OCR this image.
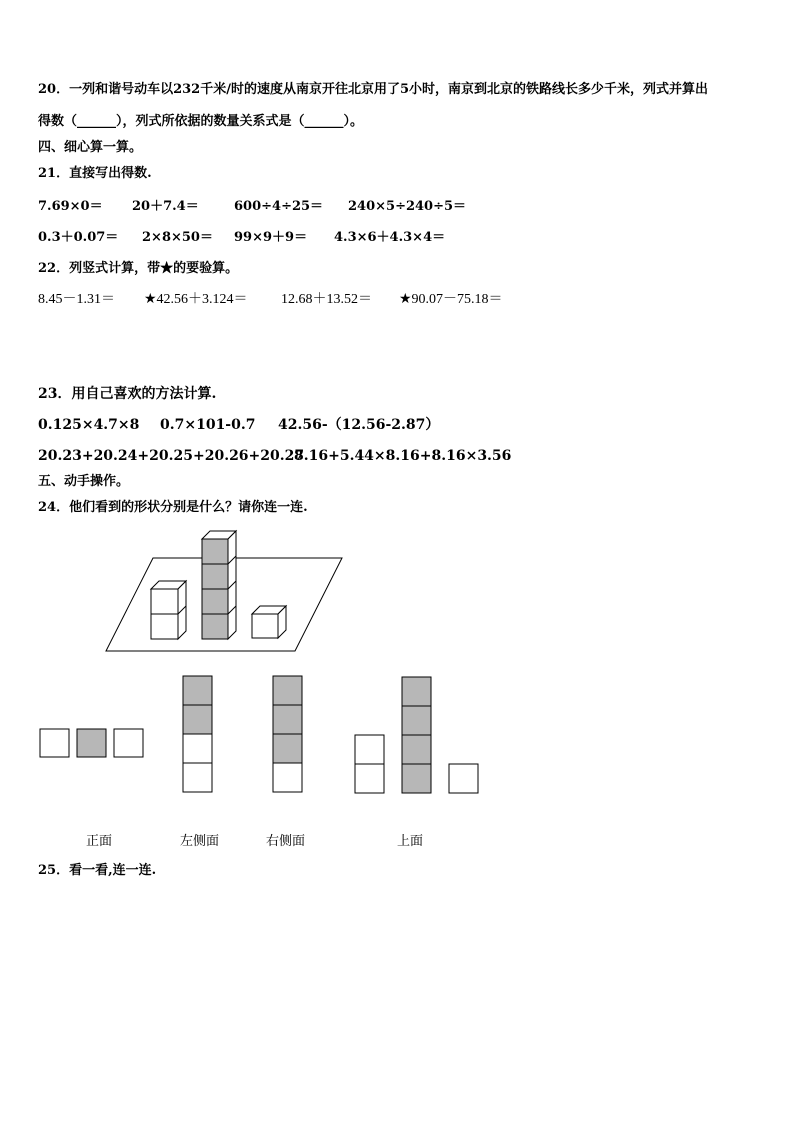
20．一列和谐号动车以232千米/时的速度从南京开往北京用了5小时，南京到北京的铁路线长多少千米，列式并算出
得数（______），列式所依据的数量关系式是（______）。
四、细心算一算。
21．直接写出得数.
7.69×0＝ 20＋7.4＝	600÷4÷25＝ 240×5÷240÷5＝
0.3＋0.07＝ 2×8×50＝ 99×9＋9＝ 4.3×6＋4.3×4＝
22．列竖式计算，带★的要验算。
8.45－1.31＝ ★42.56＋3.124＝ 12.68＋13.52＝ ★90.07－75.18＝
23．用自己喜欢的方法计算.
0.125×4.7×8 0.7×101-0.7 42.56-（12.56-2.87）
20.23+20.24+20.25+20.26+20.27
8.16+5.44×8.16+8.16×3.56
五、动手操作。
24．他们看到的形状分别是什么？请你连一连.
正面	左侧面	右侧面	上面
25．看一看,连一连.
